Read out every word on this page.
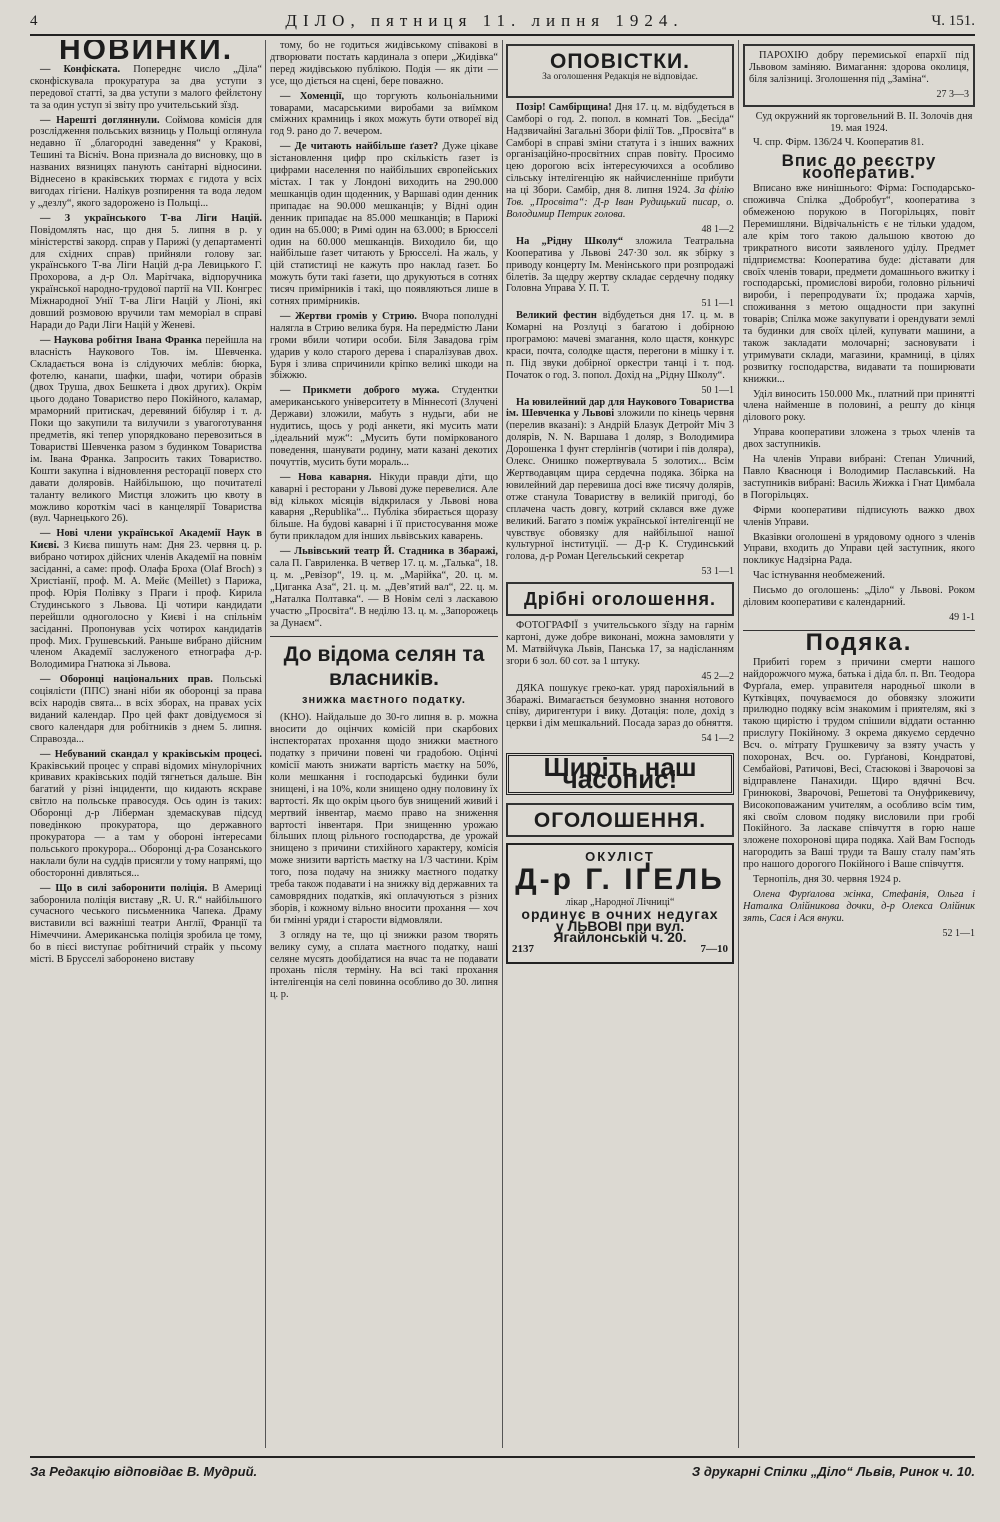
4	ДІЛО, пятниця 11. липня 1924.	Ч. 151.
НОВИНКИ.

— Конфіската. Попереднє число „Діла“ сконфіскувала прокуратура за два уступи з передової статті, за два уступи з малого фейлєтону та за один уступ зі звіту про учительський зїзд.

— Нарешті догляннули. Соймова комісія для розслідження польських вязниць у Польщі оглянула недавно її „благородні заведення“ у Кракові, Тешині та Вісніч. Вона признала до висновку, що в названих вязницях панують санітарні відносини. Віднесено в краківських тюрмах є гидота у всіх вигодах гігієни. Налікув розпирення та вода ледом у „дезлу“, якого задорожено із Польщі...

— З українського Т-ва Ліги Націй. Повідомлять нас, що дня 5. липня в р. у міністерстві закорд. справ у Парижі (у департаменті для східних справ) прийняли голову заг. українського Т-ва Ліги Націй д-ра Левицького Г. Прохорова, а д-р Ол. Марітчака, відпоручника української народно-трудової партії на VII. Конгрес Міжнародної Унії Т-ва Ліги Націй у Ліоні, які довший розмовою вручили там меморіал в справі Наради до Ради Ліги Націй у Женеві.

— Наукова робітня Івана Франка перейшла на власність Наукового Тов. ім. Шевченка. Складається вона із слідуючих меблів: бюрка, фотелю, канапи, шафки, шафи, чотири образів (двох Труша, двох Бешкета і двох других). Окрім цього додано Товариство перо Покійного, каламар, мраморний притискач, деревяний бібуляр і т. д. Поки що закупили та вилучили з увагоготування предметів, які тепер упорядковано перевозиться в Товаристві Шевченка разом з будинком Товариства ім. Івана Франка. Запросить таких Товариство. Кошти закупна і відновлення ресторації поверх сто давати доляровів. Найбільшою, що почитателі таланту великого Мистця зложить цю квоту в можливо короткім часі в канцелярії Товариства (вул. Чарнецького 26).

— Нові члени української Академії Наук в Києві. З Києва пишуть нам: Дня 23. червня ц. р. вибрано чотирох дійсних членів Академії на повнім засіданні, а саме: проф. Олафа Броха (Olaf Broch) з Христіанії, проф. М. А. Мейє (Meillet) з Парижа, проф. Юрія Полівку з Праги і проф. Кирила Студинського з Львова. Ці чотири кандидати перейшли одноголосно у Києві і на спільнім засіданні. Пропонував усіх чотирох кандидатів проф. Мих. Грушевський. Раньше вибрано дійсним членом Академії заслуженого етнографа д-р. Володимира Гнатюка зі Львова.

— Оборонці національних прав. Польські соціялісти (ППС) знані ніби як оборонці за права всіх народів свята... в всіх зборах, на правах усіх виданий календар. Про цей факт довідуємося зі свого календаря для робітників з днем 5. липня. Справозда...

— Небуваний скандал у краківськім процесі. Краківський процес у справі відомих мінулорічних кривавих краківських подій тягнеться дальше. Він багатий у різні інциденти, що кидають яскраве світло на польське правосудя. Ось один із таких: Оборонці д-р Ліберман здемаскував підсуд поведінкою прокуратора, що державного прокуратора — а там у обороні інтересами польського прокурора... Оборонці д-ра Созанського наклали були на суддів присягли у тому напрямі, що обосторонні дивляться...

— Що в силі заборонити поліція. В Америці заборонила поліція виставу „R. U. R.“ найбільшого сучасного чеського письменника Чапека. Драму виставили всі важніші театри Англії, Франції та Німеччини. Американська поліція зробила це тому, бо в пієсі виступає робітничий страйк у пьсому місті. В Брусселі заборонено виставу

тому, бо не годиться жидівському співакові в дтворювати постать кардинала з опери „Жидівка“ перед жидівською публікою. Подія — як діти — усе, що діється на сцені, бере поважно.

— Хоменції, що торгують кольоніальними товарами, масарськими виробами за виїмком сміжних крамниць і якох можуть бути отвореї від год 9. рано до 7. вечером.

— Де читають найбільше ґазет? Дуже цікаве зістановлення цифр про скількість ґазет із цифрами населення по найбільших європейських містах. І так у Лондоні виходить на 290.000 мешканців один щоденник, у Варшаві один денник припадає на 90.000 мешканців; у Відні один денник припадає на 85.000 мешканців; в Парижі один на 65.000; в Римі один на 63.000; в Брюсселі один на 60.000 мешканців. Виходило би, що найбільше ґазет читають у Брюсселі. На жаль, у цій статистиці не кажуть про наклад ґазет. Бо можуть бути такі ґазети, що друкуються в сотнях тисяч примірників і такі, що появляються лише в сотнях примірників.

— Жертви громів у Стрию. Вчора пополудні налягла в Стрию велика буря. На передмістю Лани громи вбили чотири особи. Біля Завадова грім ударив у коло старого дерева і спаралізував двох. Буря і злива спричинили кріпко великі шкоди на збіжжю.

— Прикмети доброго мужа. Студентки американського університету в Міннесоті (Злучені Держави) зложили, мабуть з нудьги, аби не нудитись, щось у роді анкети, які мусить мати „ідеальний муж“: „Мусить бути поміркованого поведення, шанувати родину, мати казані декотих почуттів, мусить бути мораль...

— Нова каварня. Нікуди правди діти, що каварні і ресторани у Львові дуже перевелися. Але від кількох місяців відкрилася у Львові нова каварня „Republika“... Публіка збирається щоразу більше. На будові каварні і її пристосування може бути прикладом для інших львівських каварень.

— Львівський театр Й. Стадника в Збаражі, сала П. Гавриленка. В четвер 17. ц. м. „Талька“, 18. ц. м. „Ревізор“, 19. ц. м. „Марійка“, 20. ц. м. „Циганка Аза“, 21. ц. м. „Дев’ятий вал“, 22. ц. м. „Наталка Полтавка“. — В Новім селі з ласкавою участю „Просвіта“. В неділю 13. ц. м. „Запорожець за Дунаєм“.

До відома селян та власників.
знижка маєтного податку.

(КНО). Найдальше до 30-го липня в. р. можна вносити до оцінчих комісій при скарбових інспекторатах прохання щодо знижки маєтного податку з причини повені чи градобою. Оцінчі комісії мають знижати вартість маєтку на 50%, коли мешкання і господарські будинки були знищені, і на 10%, коли знищено одну половину їх вартості. Як що окрім цього був знищений живий і мертвий інвентар, маємо право на зниження вартості інвентаря. При знищенню урожаю більших площ рільного господарства, де урожай знищено з причини стихійного характеру, комісія може знизити вартість маєтку на 1/3 частини. Крім того, поза подачу на знижку маєтного податку треба також подавати і на знижку від державних та самоврядних податків, які оплачуються з різних зборів, і кожному вільно вносити прохання — хоч би гмінні уряди і старости відмовляли.

З огляду на те, що ці знижки разом творять велику суму, а сплата маєтного податку, наші селяне мусять дообідатися на вчас та не подавати прохань після терміну. На всі такі прохання інтелігенція на селі повинна особливо до 30. липня ц. р.

ОПОВІСТКИ.
За оголошення Редакція не відповідає.

Позір! Самбірщина! Дня 17. ц. м. відбудеться в Самборі о год. 2. попол. в комнаті Тов. „Бесіда“ Надзвичайні Загальні Збори філії Тов. „Просвіта“ в Самборі в справі зміни статута і з інших важних організаційно-просвітних справ повіту. Просимо цею дорогою всіх інтересуючихся а особливо сільську інтелігенцію як найчисленніше прибути на ці Збори. Самбір, дня 8. липня 1924. За філію Тов. „Просвіта“: Д-р Іван Рудицький писар, о. Володимир Петрик голова.

48 1—2

На „Рідну Школу“ зложила Театральна Кооператива у Львові 247·30 зол. як збірку з приводу концерту Ім. Менінського при розпродажі білетів. За щедру жертву складає сердечну подяку Головна Управа У. П. Т.

51 1—1

Великий фестин відбудеться дня 17. ц. м. в Комарні на Розлуці з багатою і добірною програмою: мачеві змагання, коло щастя, конкурс краси, почта, солодке щастя, перегони в мішку і т. п. Під звуки добірної оркестри танці і т. под. Початок о год. 3. попол. Дохід на „Рідну Школу“.

50 1—1

На ювилейний дар для Наукового Товариства ім. Шевченка у Львові зложили по кінець червня (перелив вказані): з Андрій Блазук Детройт Міч 3 долярів, N. N. Варшава 1 доляр, з Володимира Дорошенка 1 фунт стерлінгів (чотири і пів доляра), Олекс. Онишко пожертвувала 5 золотих... Всім Жертводавцям щира сердечна подяка. Збірка на ювилейний дар перевиша досі вже тисячу долярів, отже станула Товариству в великій пригоді, бо сплачена часть довгу, котрий склався вже дуже великий. Багато з поміж української інтелігенції не чувствує обовязку для найбільшої нашої культурної інституції. — Д-р К. Студинський голова, д-р Роман Цегельський секретар

53 1—1
Дрібні оголошення.

ФОТОГРАФІЇ з учительського зїзду на гарнім картоні, дуже добре виконані, можна замовляти у М. Матвійчука Львів, Панська 17, за надісланням згори 6 зол. 60 сот. за 1 штуку.

45 2—2

ДЯКА пошукує греко-кат. уряд парохіяльний в Збаражі. Вимагається безумовно знання нотового співу, диригентури і вику. Дотація: поле, дохід з церкви і дім мешкальний. Посада зараз до обняття.

54 1—2
Ширіть наш часопис!
ОГОЛОШЕННЯ.
ОКУЛІСТ
Д-р Г. ІҐЕЛЬ
лікар „Народної Лічниці“
ординує в очних недугах
у ЛЬВОВІ при вул. Ягайлонській ч. 20.
2137	7—10

ПАРОХІЮ добру перемиської епархії під Львовом заміняю. Вимагання: здорова околиця, біля залізниці. Зголошення під „Заміна“.

27 3—3

Суд окружний як торговельний В. ІІ. Золочів дня 19. мая 1924.

Ч. спр. Фірм. 136/24 Ч. Кооператив 81.

Впис до реєстру кооператив.

Вписано вже нинішнього: Фірма: Господарсько-споживча Спілка „Добробут“, кооператива з обмеженою порукою в Погорільцях, повіт Перемишляни. Відвічальність є не тільки удадом, але крім того такою дальшою квотою до трикратного висоти заявленого уділу. Предмет підприємства: Кооператива буде: діставати для своїх членів товари, предмети домашнього вжитку і господарські, промислові вироби, головно рільничі вироби, і перепродувати їх; продажа харчів, споживання з метою ощадности при закупні товарів; Спілка може закупувати і орендувати землі та будинки для своїх цілей, купувати машини, а також закладати молочарні; засновувати і утримувати склади, магазини, крамниці, в цілях розвитку господарства, видавати та поширювати книжки...

Уділ виносить 150.000 Мк., платний при принятті члена найменше в половині, а решту до кінця ділового року.

Управа кооперативи зложена з трьох членів та двох заступників.

На членів Управи вибрані: Степан Уличний, Павло Кваснюця і Володимир Паславський. На заступників вибрані: Василь Жижка і Гнат Цимбала в Погорільцях.

Фірми кооперативи підписують важко двох членів Управи.

Вказівки оголошені в урядовому одного з членів Управи, входить до Управи цей заступник, якого покликує Надзірна Рада.

Час істнування необмежений.

Письмо до оголошень: „Діло“ у Львові. Роком діловим кооперативи є календарний.

49 1-1
Подяка.

Прибиті горем з причини смерти нашого найдорожчого мужа, батька і діда бл. п. Вп. Теодора Фурґала, емер. управителя народньої школи в Кутківцях, почуваємося до обовязку зложити прилюдно подяку всім знакомим і приятелям, які з такою щирістю і трудом спішили віддати останню прислугу Покійному. З окрема дякуємо сердечно Всч. о. мітрату Грушкевичу за взяту участь у похоронах, Всч. оо. Гурґанові, Кондратові, Сембайові, Ратичові, Весі, Стасюкові і Зварочові за відправлене Панахиди. Щиро вдячні Всч. Гринюкові, Зварочові, Решетові та Онуфрикевичу, Високоповажаним учителям, а особливо всім тим, які своїм словом подяку висловили при гробі Покійного. За ласкаве співчуття в горю наше зложене похоронові щира подяка. Хай Вам Господь нагородить за Ваші труди та Вашу сталу пам’ять про нашого дорогого Покійного і Ваше співчуття.

Тернопіль, дня 30. червня 1924 р.

Олена Фурґалова жінка, Стефанія, Ольга і Наталка Олійникова дочки, д-р Олекса Олійник зять, Сася і Ася внуки.

52 1—1
За Редакцію відповідає В. Мудрий.	З друкарні Спілки „Діло“ Львів, Ринок ч. 10.
